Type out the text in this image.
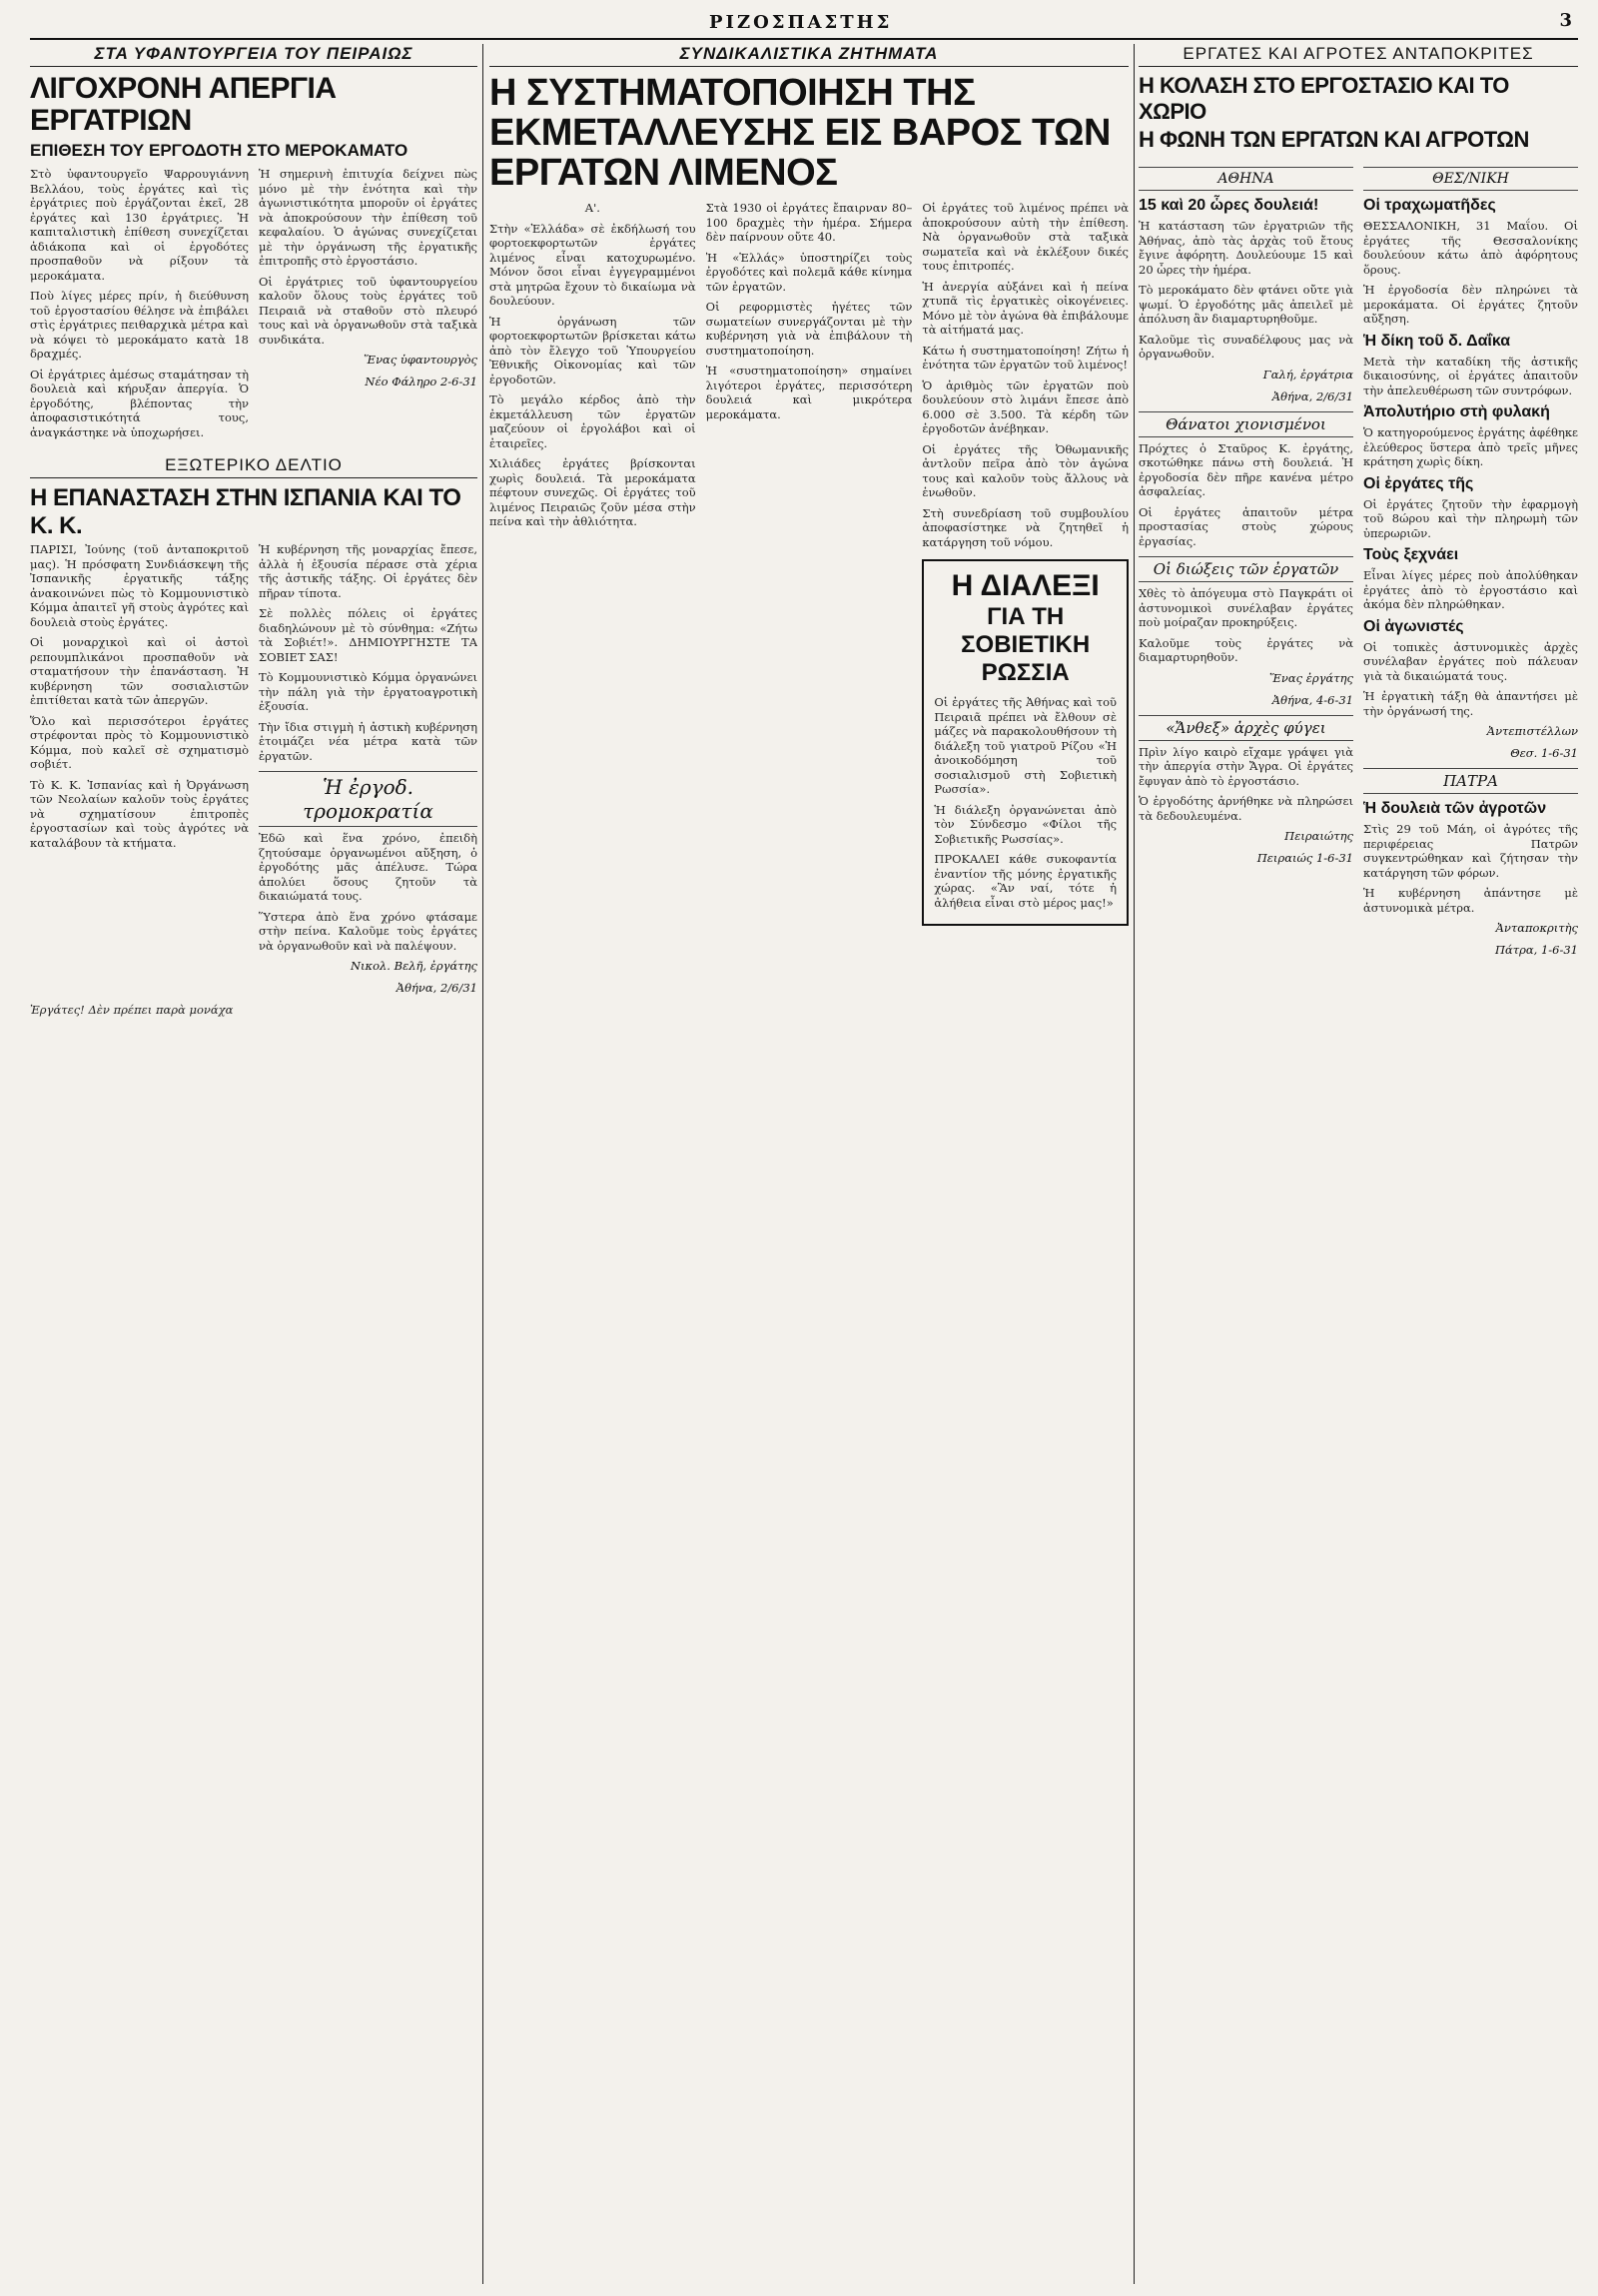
ΡΙΖΟΣΠΑΣΤΗΣ	3
ΣΤΑ ΥΦΑΝΤΟΥΡΓΕΙΑ ΤΟΥ ΠΕΙΡΑΙΩΣ
ΛΙΓΟΧΡΟΝΗ ΑΠΕΡΓΙΑ ΕΡΓΑΤΡΙΩΝ
ΕΠΙΘΕΣΗ ΤΟΥ ΕΡΓΟΔΟΤΗ ΣΤΟ ΜΕΡΟΚΑΜΑΤΟ

Στὸ ὑφαντουργεῖο Ψαρρουγιάννη Βελλάου, τοὺς ἐργάτες καὶ τὶς ἐργάτριες ποὺ ἐργάζονται ἐκεῖ, 28 ἐργάτες καὶ 130 ἐργάτριες. Ἡ καπιταλιστικὴ ἐπίθεση συνεχίζεται ἀδιάκοπα καὶ οἱ ἐργοδότες προσπαθοῦν νὰ ρίξουν τὰ μεροκάματα.

Ποὺ λίγες μέρες πρίν, ἡ διεύθυνση τοῦ ἐργοστασίου θέλησε νὰ ἐπιβάλει στὶς ἐργάτριες πειθαρχικὰ μέτρα καὶ νὰ κόψει τὸ μεροκάματο κατὰ 18 δραχμές.

Οἱ ἐργάτριες ἀμέσως σταμάτησαν τὴ δουλειὰ καὶ κήρυξαν ἀπεργία. Ὁ ἐργοδότης, βλέποντας τὴν ἀποφασιστικότητά τους, ἀναγκάστηκε νὰ ὑποχωρήσει.

Ἡ σημερινὴ ἐπιτυχία δείχνει πὼς μόνο μὲ τὴν ἑνότητα καὶ τὴν ἀγωνιστικότητα μποροῦν οἱ ἐργάτες νὰ ἀποκρούσουν τὴν ἐπίθεση τοῦ κεφαλαίου. Ὁ ἀγώνας συνεχίζεται μὲ τὴν ὀργάνωση τῆς ἐργατικῆς ἐπιτροπῆς στὸ ἐργοστάσιο.

Οἱ ἐργάτριες τοῦ ὑφαντουργείου καλοῦν ὅλους τοὺς ἐργάτες τοῦ Πειραιᾶ νὰ σταθοῦν στὸ πλευρό τους καὶ νὰ ὀργανωθοῦν στὰ ταξικὰ συνδικάτα.

Ἕνας ὑφαντουργὸς

Νέο Φάληρο 2-6-31

ΕΞΩΤΕΡΙΚΟ ΔΕΛΤΙΟ
Η ΕΠΑΝΑΣΤΑΣΗ ΣΤΗΝ ΙΣΠΑΝΙΑ ΚΑΙ ΤΟ Κ. Κ.

ΠΑΡΙΣΙ, Ἰούνης (τοῦ ἀνταποκριτοῦ μας). Ἡ πρόσφατη Συνδιάσκεψη τῆς Ἰσπανικῆς ἐργατικῆς τάξης ἀνακοινώνει πὼς τὸ Κομμουνιστικὸ Κόμμα ἀπαιτεῖ γῆ στοὺς ἀγρότες καὶ δουλειὰ στοὺς ἐργάτες.

Οἱ μοναρχικοὶ καὶ οἱ ἀστοὶ ρεπουμπλικάνοι προσπαθοῦν νὰ σταματήσουν τὴν ἐπανάσταση. Ἡ κυβέρνηση τῶν σοσιαλιστῶν ἐπιτίθεται κατὰ τῶν ἀπεργῶν.

Ὅλο καὶ περισσότεροι ἐργάτες στρέφονται πρὸς τὸ Κομμουνιστικὸ Κόμμα, ποὺ καλεῖ σὲ σχηματισμὸ σοβιέτ.

Τὸ Κ. Κ. Ἰσπανίας καὶ ἡ Ὀργάνωση τῶν Νεολαίων καλοῦν τοὺς ἐργάτες νὰ σχηματίσουν ἐπιτροπὲς ἐργοστασίων καὶ τοὺς ἀγρότες νὰ καταλάβουν τὰ κτήματα.

Ἡ κυβέρνηση τῆς μοναρχίας ἔπεσε, ἀλλὰ ἡ ἐξουσία πέρασε στὰ χέρια τῆς ἀστικῆς τάξης. Οἱ ἐργάτες δὲν πῆραν τίποτα.

Σὲ πολλὲς πόλεις οἱ ἐργάτες διαδηλώνουν μὲ τὸ σύνθημα: «Ζήτω τὰ Σοβιέτ!». ΔΗΜΙΟΥΡΓΗΣΤΕ ΤΑ ΣΟΒΙΕΤ ΣΑΣ!

Τὸ Κομμουνιστικὸ Κόμμα ὀργανώνει τὴν πάλη γιὰ τὴν ἐργατοαγροτικὴ ἐξουσία.

Τὴν ἴδια στιγμὴ ἡ ἀστικὴ κυβέρνηση ἑτοιμάζει νέα μέτρα κατὰ τῶν ἐργατῶν.

Ἡ ἐργοδ. τρομοκρατία

Ἐδῶ καὶ ἕνα χρόνο, ἐπειδὴ ζητούσαμε ὀργανωμένοι αὔξηση, ὁ ἐργοδότης μᾶς ἀπέλυσε. Τώρα ἀπολύει ὅσους ζητοῦν τὰ δικαιώματά τους.

Ὕστερα ἀπὸ ἕνα χρόνο φτάσαμε στὴν πείνα. Καλοῦμε τοὺς ἐργάτες νὰ ὀργανωθοῦν καὶ νὰ παλέψουν.

Νικολ. Βελῆ, ἐργάτης

Ἀθήνα, 2/6/31

Ἐργάτες! Δὲν πρέπει παρὰ μονάχα

ΣΥΝΔΙΚΑΛΙΣΤΙΚΑ ΖΗΤΗΜΑΤΑ
Η ΣΥΣΤΗΜΑΤΟΠΟΙΗΣΗ ΤΗΣ ΕΚΜΕΤΑΛΛΕΥΣΗΣ ΕΙΣ ΒΑΡΟΣ ΤΩΝ ΕΡΓΑΤΩΝ ΛΙΜΕΝΟΣ

Α'.

Στὴν «Ἑλλάδα» σὲ ἐκδήλωσή του φορτοεκφορτωτῶν ἐργάτες λιμένος εἶναι κατοχυρωμένο. Μόνον ὅσοι εἶναι ἐγγεγραμμένοι στὰ μητρῶα ἔχουν τὸ δικαίωμα νὰ δουλεύουν.

Ἡ ὀργάνωση τῶν φορτοεκφορτωτῶν βρίσκεται κάτω ἀπὸ τὸν ἔλεγχο τοῦ Ὑπουργείου Ἐθνικῆς Οἰκονομίας καὶ τῶν ἐργοδοτῶν.

Τὸ μεγάλο κέρδος ἀπὸ τὴν ἐκμετάλλευση τῶν ἐργατῶν μαζεύουν οἱ ἐργολάβοι καὶ οἱ ἐταιρεῖες.

Χιλιάδες ἐργάτες βρίσκονται χωρὶς δουλειά. Τὰ μεροκάματα πέφτουν συνεχῶς. Οἱ ἐργάτες τοῦ λιμένος Πειραιῶς ζοῦν μέσα στὴν πείνα καὶ τὴν ἀθλιότητα.

Στὰ 1930 οἱ ἐργάτες ἔπαιρναν 80–100 δραχμὲς τὴν ἡμέρα. Σήμερα δὲν παίρνουν οὔτε 40.

Ἡ «Ἑλλάς» ὑποστηρίζει τοὺς ἐργοδότες καὶ πολεμᾶ κάθε κίνημα τῶν ἐργατῶν.

Οἱ ρεφορμιστὲς ἡγέτες τῶν σωματείων συνεργάζονται μὲ τὴν κυβέρνηση γιὰ νὰ ἐπιβάλουν τὴ συστηματοποίηση.

Ἡ «συστηματοποίηση» σημαίνει λιγότεροι ἐργάτες, περισσότερη δουλειά καὶ μικρότερα μεροκάματα.

Οἱ ἐργάτες τοῦ λιμένος πρέπει νὰ ἀποκρούσουν αὐτὴ τὴν ἐπίθεση. Νὰ ὀργανωθοῦν στὰ ταξικὰ σωματεῖα καὶ νὰ ἐκλέξουν δικές τους ἐπιτροπές.

Ἡ ἀνεργία αὐξάνει καὶ ἡ πείνα χτυπᾶ τὶς ἐργατικὲς οἰκογένειες. Μόνο μὲ τὸν ἀγώνα θὰ ἐπιβάλουμε τὰ αἰτήματά μας.

Κάτω ἡ συστηματοποίηση! Ζήτω ἡ ἑνότητα τῶν ἐργατῶν τοῦ λιμένος!

Ὁ ἀριθμὸς τῶν ἐργατῶν ποὺ δουλεύουν στὸ λιμάνι ἔπεσε ἀπὸ 6.000 σὲ 3.500. Τὰ κέρδη τῶν ἐργοδοτῶν ἀνέβηκαν.

Οἱ ἐργάτες τῆς Ὀθωμανικῆς ἀντλοῦν πεῖρα ἀπὸ τὸν ἀγώνα τους καὶ καλοῦν τοὺς ἄλλους νὰ ἑνωθοῦν.

Στὴ συνεδρίαση τοῦ συμβουλίου ἀποφασίστηκε νὰ ζητηθεῖ ἡ κατάργηση τοῦ νόμου.

Η ΔΙΑΛΕΞΙ
ΓΙΑ ΤΗ ΣΟΒΙΕΤΙΚΗ ΡΩΣΣΙΑ

Οἱ ἐργάτες τῆς Ἀθήνας καὶ τοῦ Πειραιᾶ πρέπει νὰ ἔλθουν σὲ μάζες νὰ παρακολουθήσουν τὴ διάλεξη τοῦ γιατροῦ Ρίζου «Ἡ ἀνοικοδόμηση τοῦ σοσιαλισμοῦ στὴ Σοβιετικὴ Ρωσσία».

Ἡ διάλεξη ὀργανώνεται ἀπὸ τὸν Σύνδεσμο «Φίλοι τῆς Σοβιετικῆς Ρωσσίας».

ΠΡΟΚΑΛΕΙ κάθε συκοφαντία ἐναντίον τῆς μόνης ἐργατικῆς χώρας. «Ἂν ναί, τότε ἡ ἀλήθεια εἶναι στὸ μέρος μας!»

ΕΡΓΑΤΕΣ ΚΑΙ ΑΓΡΟΤΕΣ ΑΝΤΑΠΟΚΡΙΤΕΣ
Η ΚΟΛΑΣΗ ΣΤΟ ΕΡΓΟΣΤΑΣΙΟ ΚΑΙ ΤΟ ΧΩΡΙΟ
Η ΦΩΝΗ ΤΩΝ ΕΡΓΑΤΩΝ ΚΑΙ ΑΓΡΟΤΩΝ
ΑΘΗΝΑ
15 καὶ 20 ὧρες δουλειά!

Ἡ κατάσταση τῶν ἐργατριῶν τῆς Ἀθήνας, ἀπὸ τὰς ἀρχὰς τοῦ ἔτους ἔγινε ἀφόρητη. Δουλεύουμε 15 καὶ 20 ὧρες τὴν ἡμέρα.

Τὸ μεροκάματο δὲν φτάνει οὔτε γιὰ ψωμί. Ὁ ἐργοδότης μᾶς ἀπειλεῖ μὲ ἀπόλυση ἂν διαμαρτυρηθοῦμε.

Καλοῦμε τὶς συναδέλφους μας νὰ ὀργανωθοῦν.

Γαλή, ἐργάτρια

Ἀθήνα, 2/6/31

Θάνατοι χιονισμένοι

Πρόχτες ὁ Σταῦρος Κ. ἐργάτης, σκοτώθηκε πάνω στὴ δουλειά. Ἡ ἐργοδοσία δὲν πῆρε κανένα μέτρο ἀσφαλείας.

Οἱ ἐργάτες ἀπαιτοῦν μέτρα προστασίας στοὺς χώρους ἐργασίας.

Οἱ διώξεις τῶν ἐργατῶν

Χθὲς τὸ ἀπόγευμα στὸ Παγκράτι οἱ ἀστυνομικοὶ συνέλαβαν ἐργάτες ποὺ μοίραζαν προκηρύξεις.

Καλοῦμε τοὺς ἐργάτες νὰ διαμαρτυρηθοῦν.

Ἕνας ἐργάτης

Ἀθήνα, 4-6-31

«Ἄνθεξ» ἀρχὲς φύγει

Πρὶν λίγο καιρὸ εἴχαμε γράψει γιὰ τὴν ἀπεργία στὴν Ἄγρα. Οἱ ἐργάτες ἔφυγαν ἀπὸ τὸ ἐργοστάσιο.

Ὁ ἐργοδότης ἀρνήθηκε νὰ πληρώσει τὰ δεδουλευμένα.

Πειραιώτης

Πειραιώς 1-6-31

ΘΕΣ/ΝΙΚΗ
Οἱ τραχωματῆδες

ΘΕΣΣΑΛΟΝΙΚΗ, 31 Μαΐου. Οἱ ἐργάτες τῆς Θεσσαλονίκης δουλεύουν κάτω ἀπὸ ἀφόρητους ὅρους.

Ἡ ἐργοδοσία δὲν πληρώνει τὰ μεροκάματα. Οἱ ἐργάτες ζητοῦν αὔξηση.

Ἡ δίκη τοῦ δ. Δαΐκα

Μετὰ τὴν καταδίκη τῆς ἀστικῆς δικαιοσύνης, οἱ ἐργάτες ἀπαιτοῦν τὴν ἀπελευθέρωση τῶν συντρόφων.

Ἀπολυτήριο στὴ φυλακή

Ὁ κατηγορούμενος ἐργάτης ἀφέθηκε ἐλεύθερος ὕστερα ἀπὸ τρεῖς μῆνες κράτηση χωρὶς δίκη.

Οἱ ἐργάτες τῆς

Οἱ ἐργάτες ζητοῦν τὴν ἐφαρμογὴ τοῦ 8ώρου καὶ τὴν πληρωμὴ τῶν ὑπερωριῶν.

Τοὺς ξεχνάει

Εἶναι λίγες μέρες ποὺ ἀπολύθηκαν ἐργάτες ἀπὸ τὸ ἐργοστάσιο καὶ ἀκόμα δὲν πληρώθηκαν.

Οἱ ἀγωνιστές

Οἱ τοπικὲς ἀστυνομικὲς ἀρχὲς συνέλαβαν ἐργάτες ποὺ πάλευαν γιὰ τὰ δικαιώματά τους.

Ἡ ἐργατικὴ τάξη θὰ ἀπαντήσει μὲ τὴν ὀργάνωσή της.

Ἀντεπιστέλλων

Θεσ. 1-6-31

ΠΑΤΡΑ
Ἡ δουλειὰ τῶν ἀγροτῶν

Στὶς 29 τοῦ Μάη, οἱ ἀγρότες τῆς περιφέρειας Πατρῶν συγκεντρώθηκαν καὶ ζήτησαν τὴν κατάργηση τῶν φόρων.

Ἡ κυβέρνηση ἀπάντησε μὲ ἀστυνομικὰ μέτρα.

Ἀνταποκριτὴς

Πάτρα, 1-6-31
